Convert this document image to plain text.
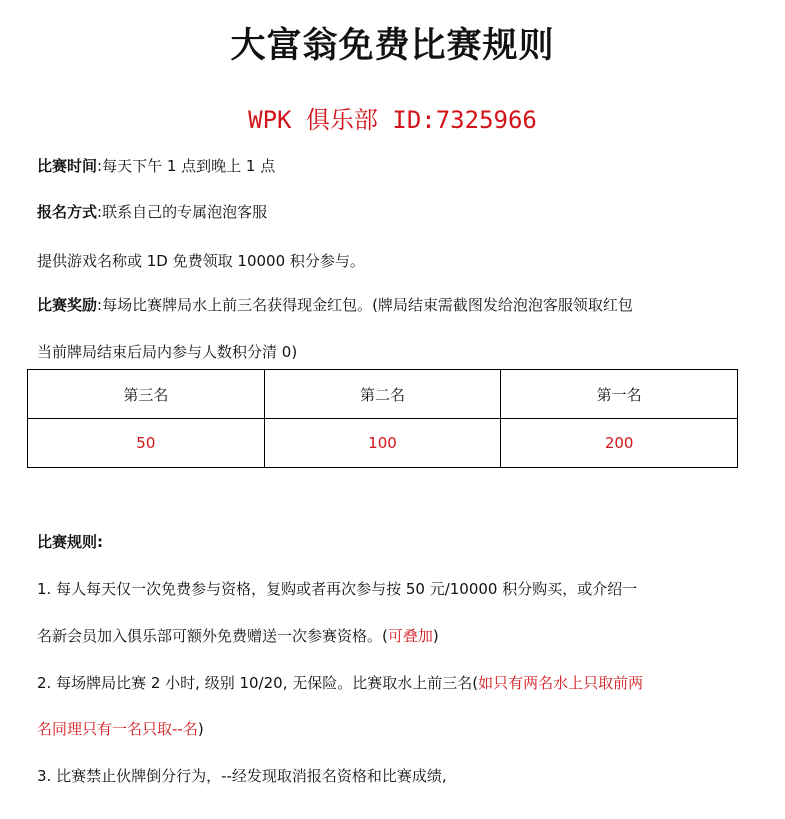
大富翁免费比赛规则
WPK 俱乐部 ID:7325966
比赛时间:每天下午 1 点到晚上 1 点
报名方式:联系自己的专属泡泡客服
提供游戏名称或 1D 免费领取 10000 积分参与。
比赛奖励:每场比赛牌局水上前三名获得现金红包。(牌局结束需截图发给泡泡客服领取红包
当前牌局结束后局内参与人数积分清 0)
第三名	第二名	第一名
50	100	200
比赛规则:
1. 每人每天仅一次免费参与资格，复购或者再次参与按 50 元/10000 积分购买，或介绍一
名新会员加入俱乐部可额外免费赠送一次参赛资格。(可叠加)
2. 每场牌局比赛 2 小时, 级别 10/20, 无保险。比赛取水上前三名(如只有两名水上只取前两
名同理只有一名只取--名)
3. 比赛禁止伙牌倒分行为，--经发现取消报名资格和比赛成绩,
